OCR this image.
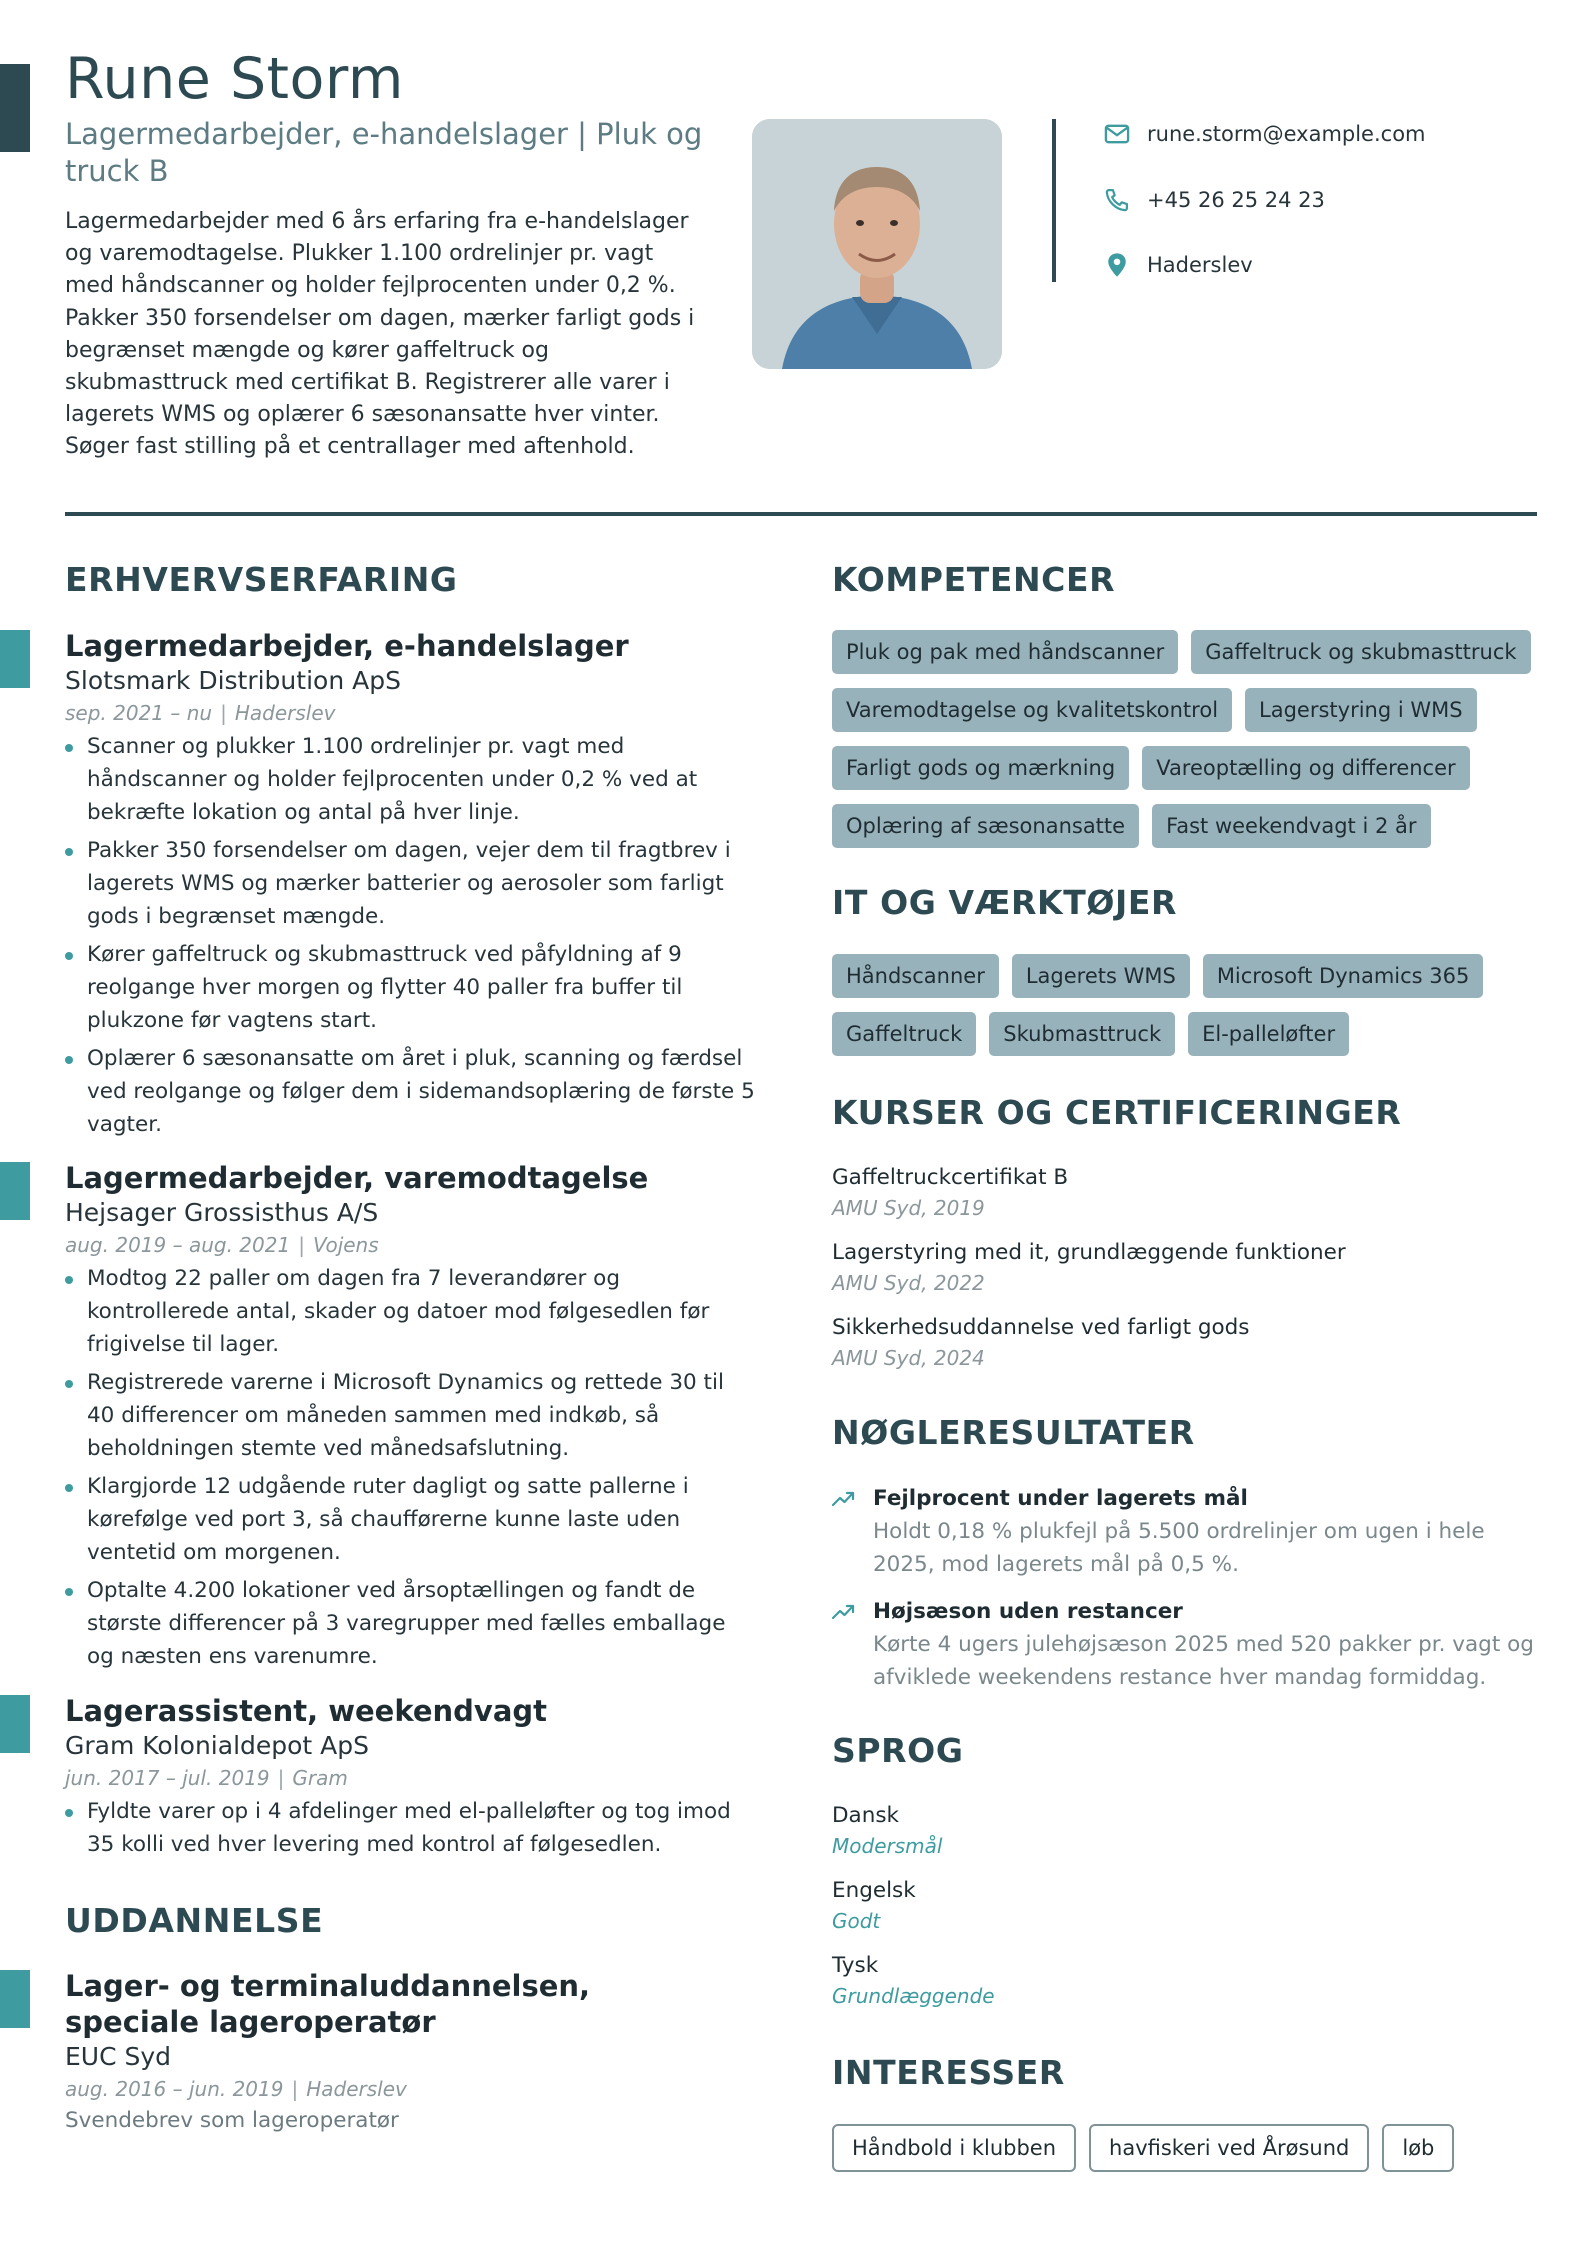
Rune Storm

Lagermedarbejder, e-handelslager | Pluk og truck B

Lagermedarbejder med 6 års erfaring fra e-handelslager og varemodtagelse. Plukker 1.100 ordrelinjer pr. vagt med håndscanner og holder fejlprocenten under 0,2 %. Pakker 350 forsendelser om dagen, mærker farligt gods i begrænset mængde og kører gaffeltruck og skubmasttruck med certifikat B. Registrerer alle varer i lagerets WMS og oplærer 6 sæsonansatte hver vinter. Søger fast stilling på et centrallager med aftenhold.

rune.storm@example.com
+45 26 25 24 23
Haderslev
ERHVERVSERFARING
Lagermedarbejder, e-handelslager

Slotsmark Distribution ApS

sep. 2021 – nu | Haderslev

Scanner og plukker 1.100 ordrelinjer pr. vagt med håndscanner og holder fejlprocenten under 0,2 % ved at bekræfte lokation og antal på hver linje.
Pakker 350 forsendelser om dagen, vejer dem til fragtbrev i lagerets WMS og mærker batterier og aerosoler som farligt gods i begrænset mængde.
Kører gaffeltruck og skubmasttruck ved påfyldning af 9 reolgange hver morgen og flytter 40 paller fra buffer til plukzone før vagtens start.
Oplærer 6 sæsonansatte om året i pluk, scanning og færdsel ved reolgange og følger dem i sidemandsoplæring de første 5 vagter.
Lagermedarbejder, varemodtagelse

Hejsager Grossisthus A/S

aug. 2019 – aug. 2021 | Vojens

Modtog 22 paller om dagen fra 7 leverandører og kontrollerede antal, skader og datoer mod følgesedlen før frigivelse til lager.
Registrerede varerne i Microsoft Dynamics og rettede 30 til 40 differencer om måneden sammen med indkøb, så beholdningen stemte ved månedsafslutning.
Klargjorde 12 udgående ruter dagligt og satte pallerne i kørefølge ved port 3, så chaufførerne kunne laste uden ventetid om morgenen.
Optalte 4.200 lokationer ved årsoptællingen og fandt de største differencer på 3 varegrupper med fælles emballage og næsten ens varenumre.
Lagerassistent, weekendvagt

Gram Kolonialdepot ApS

jun. 2017 – jul. 2019 | Gram

Fyldte varer op i 4 afdelinger med el-palleløfter og tog imod 35 kolli ved hver levering med kontrol af følgesedlen.
UDDANNELSE
Lager- og terminaluddannelsen,
speciale lageroperatør

EUC Syd

aug. 2016 – jun. 2019 | Haderslev

Svendebrev som lageroperatør

KOMPETENCER
Pluk og pak med håndscanner	Gaffeltruck og skubmasttruck
Varemodtagelse og kvalitetskontrol	Lagerstyring i WMS
Farligt gods og mærkning	Vareoptælling og differencer
Oplæring af sæsonansatte	Fast weekendvagt i 2 år
IT OG VÆRKTØJER
Håndscanner	Lagerets WMS	Microsoft Dynamics 365
Gaffeltruck	Skubmasttruck	El-palleløfter
KURSER OG CERTIFICERINGER

Gaffeltruckcertifikat B

AMU Syd, 2019

Lagerstyring med it, grundlæggende funktioner

AMU Syd, 2022

Sikkerhedsuddannelse ved farligt gods

AMU Syd, 2024

NØGLERESULTATER

Fejlprocent under lagerets mål

Holdt 0,18 % plukfejl på 5.500 ordrelinjer om ugen i hele 2025, mod lagerets mål på 0,5 %.

Højsæson uden restancer

Kørte 4 ugers julehøjsæson 2025 med 520 pakker pr. vagt og afviklede weekendens restance hver mandag formiddag.

SPROG

Dansk

Modersmål

Engelsk

Godt

Tysk

Grundlæggende

INTERESSER
Håndbold i klubben	havfiskeri ved Årøsund	løb
